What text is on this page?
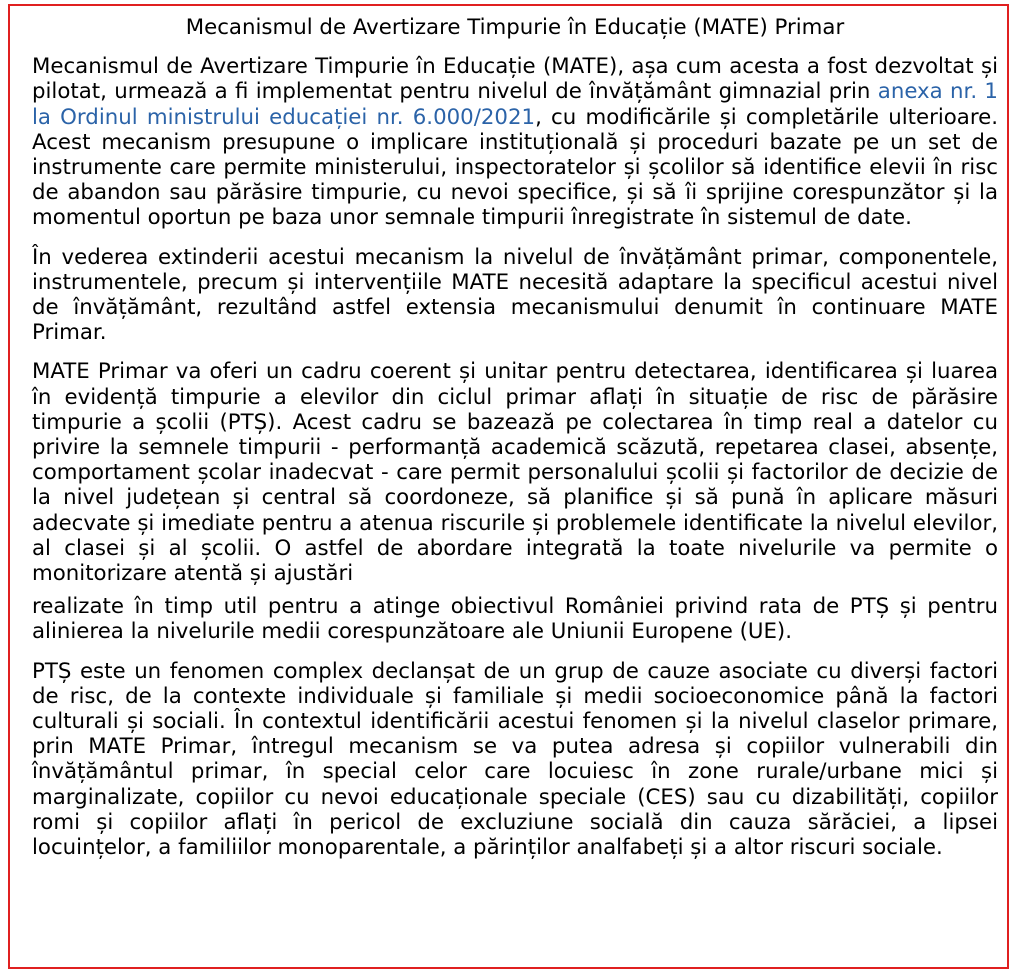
Mecanismul de Avertizare Timpurie în Educație (MATE) Primar

Mecanismul de Avertizare Timpurie în Educație (MATE), așa cum acesta a fost dezvoltat și pilotat, urmează a fi implementat pentru nivelul de învățământ gimnazial prin anexa nr. 1 la Ordinul ministrului educației nr. 6.000/2021, cu modificările și completările ulterioare. Acest mecanism presupune o implicare instituțională și proceduri bazate pe un set de instrumente care permite ministerului, inspectoratelor și școlilor să identifice elevii în risc de abandon sau părăsire timpurie, cu nevoi specifice, și să îi sprijine corespunzător și la momentul oportun pe baza unor semnale timpurii înregistrate în sistemul de date.

În vederea extinderii acestui mecanism la nivelul de învățământ primar, componentele, instrumentele, precum și intervențiile MATE necesită adaptare la specificul acestui nivel de învățământ, rezultând astfel extensia mecanismului denumit în continuare MATE Primar.

MATE Primar va oferi un cadru coerent și unitar pentru detectarea, identificarea și luarea în evidență timpurie a elevilor din ciclul primar aflați în situație de risc de părăsire timpurie a școlii (PTȘ). Acest cadru se bazează pe colectarea în timp real a datelor cu privire la semnele timpurii - performanță academică scăzută, repetarea clasei, absențe, comportament școlar inadecvat - care permit personalului școlii și factorilor de decizie de la nivel județean și central să coordoneze, să planifice și să pună în aplicare măsuri adecvate și imediate pentru a atenua riscurile și problemele identificate la nivelul elevilor, al clasei și al școlii. O astfel de abordare integrată la toate nivelurile va permite o monitorizare atentă și ajustări

realizate în timp util pentru a atinge obiectivul României privind rata de PTȘ și pentru alinierea la nivelurile medii corespunzătoare ale Uniunii Europene (UE).

PTȘ este un fenomen complex declanșat de un grup de cauze asociate cu diverși factori de risc, de la contexte individuale și familiale și medii socioeconomice până la factori culturali și sociali. În contextul identificării acestui fenomen și la nivelul claselor primare, prin MATE Primar, întregul mecanism se va putea adresa și copiilor vulnerabili din învățământul primar, în special celor care locuiesc în zone rurale/urbane mici și marginalizate, copiilor cu nevoi educaționale speciale (CES) sau cu dizabilități, copiilor romi și copiilor aflați în pericol de excluziune socială din cauza sărăciei, a lipsei locuințelor, a familiilor monoparentale, a părinților analfabeți și a altor riscuri sociale.
